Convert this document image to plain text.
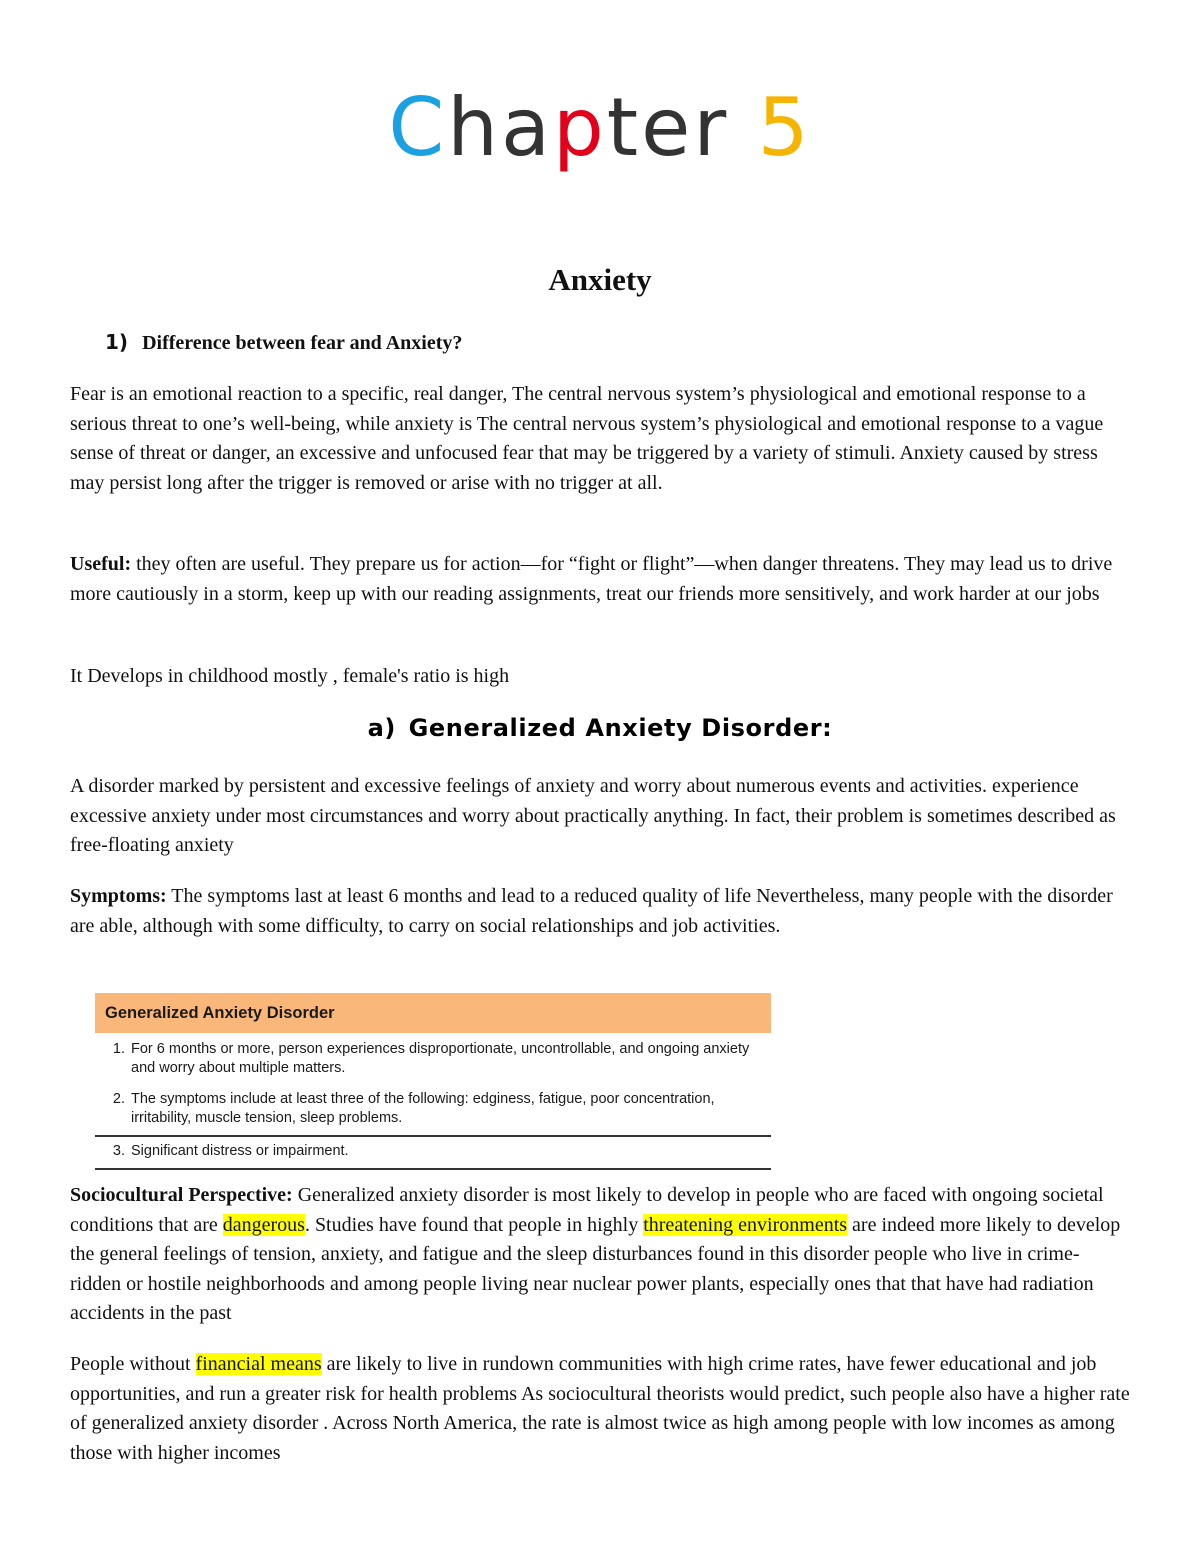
Chapter 5
Anxiety
1) Difference between fear and Anxiety?

Fear is an emotional reaction to a specific, real danger, The central nervous system’s physiological and emotional response to a serious threat to one’s well-being, while anxiety is The central nervous system’s physiological and emotional response to a vague sense of threat or danger, an excessive and unfocused fear that may be triggered by a variety of stimuli. Anxiety caused by stress may persist long after the trigger is removed or arise with no trigger at all.

Useful: they often are useful. They prepare us for action—for “fight or flight”—when danger threatens. They may lead us to drive more cautiously in a storm, keep up with our reading assignments, treat our friends more sensitively, and work harder at our jobs

It Develops in childhood mostly , female's ratio is high

a) Generalized Anxiety Disorder:

A disorder marked by persistent and excessive feelings of anxiety and worry about numerous events and activities. experience excessive anxiety under most circumstances and worry about practically anything. In fact, their problem is sometimes described as free-floating anxiety

Symptoms: The symptoms last at least 6 months and lead to a reduced quality of life Nevertheless, many people with the disorder are able, although with some difficulty, to carry on social relationships and job activities.

Generalized Anxiety Disorder
1. For 6 months or more, person experiences disproportionate, uncontrollable, and ongoing anxiety and worry about multiple matters.
2. The symptoms include at least three of the following: edginess, fatigue, poor concentration, irritability, muscle tension, sleep problems.
3. Significant distress or impairment.

Sociocultural Perspective: Generalized anxiety disorder is most likely to develop in people who are faced with ongoing societal conditions that are dangerous. Studies have found that people in highly threatening environments are indeed more likely to develop the general feelings of tension, anxiety, and fatigue and the sleep disturbances found in this disorder people who live in crime- ridden or hostile neighborhoods and among people living near nuclear power plants, especially ones that that have had radiation accidents in the past

People without financial means are likely to live in rundown communities with high crime rates, have fewer educational and job opportunities, and run a greater risk for health problems As sociocultural theorists would predict, such people also have a higher rate of generalized anxiety disorder . Across North America, the rate is almost twice as high among people with low incomes as among those with higher incomes
